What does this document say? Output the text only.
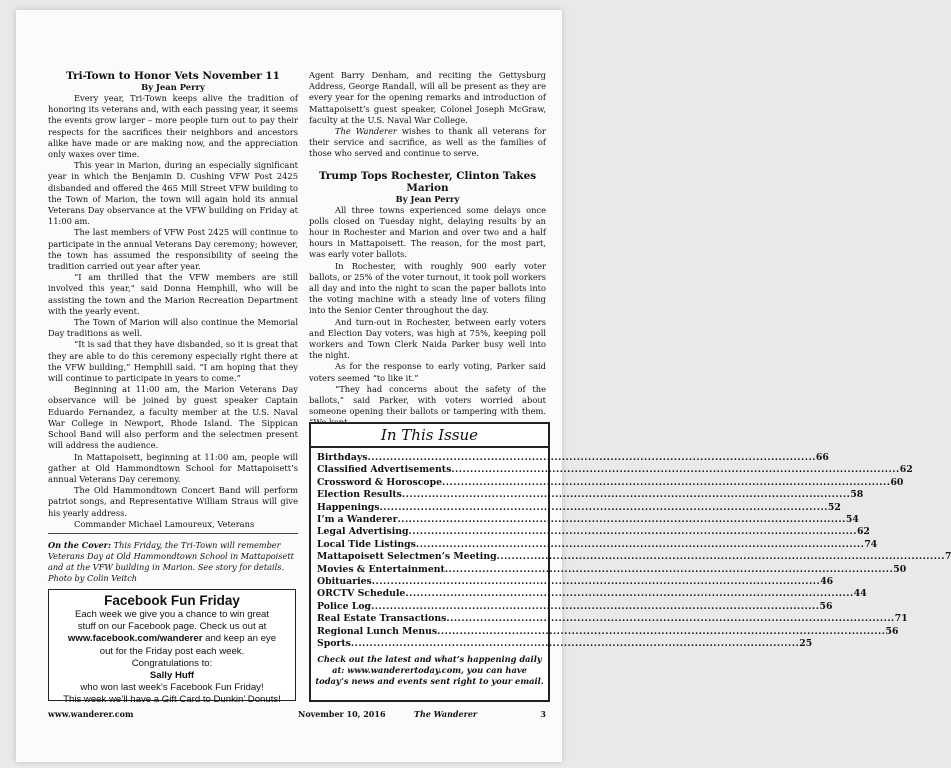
Tri-Town to Honor Vets November 11
By Jean Perry

Every year, Tri-Town keeps alive the tradition of honoring its veterans and, with each passing year, it seems the events grow larger – more people turn out to pay their respects for the sacrifices their neighbors and ancestors alike have made or are making now, and the appreciation only waxes over time.

This year in Marion, during an especially significant year in which the Benjamin D. Cushing VFW Post 2425 disbanded and offered the 465 Mill Street VFW building to the Town of Marion, the town will again hold its annual Veterans Day observance at the VFW building on Friday at 11:00 am.

The last members of VFW Post 2425 will continue to participate in the annual Veterans Day ceremony; however, the town has assumed the responsibility of seeing the tradition carried out year after year.

“I am thrilled that the VFW members are still involved this year,” said Donna Hemphill, who will be assisting the town and the Marion Recreation Department with the yearly event.

The Town of Marion will also continue the Memorial Day traditions as well.

“It is sad that they have disbanded, so it is great that they are able to do this ceremony especially right there at the VFW building,” Hemphill said. “I am hoping that they will continue to participate in years to come.”

Beginning at 11:00 am, the Marion Veterans Day observance will be joined by guest speaker Captain Eduardo Fernandez, a faculty member at the U.S. Naval War College in Newport, Rhode Island. The Sippican School Band will also perform and the selectmen present will address the audience.

In Mattapoisett, beginning at 11:00 am, people will gather at Old Hammondtown School for Mattapoisett’s annual Veterans Day ceremony.

The Old Hammondtown Concert Band will perform patriot songs, and Representative William Straus will give his yearly address.

Commander Michael Lamoureux, Veterans

On the Cover: This Friday, the Tri-Town will remember Veterans Day at Old Hammondtown School in Mattapoisett and at the VFW building in Marion. See story for details. Photo by Colin Veitch
Facebook Fun Friday
Each week we give you a chance to win great
stuff on our Facebook page. Check us out at
www.facebook.com/wanderer and keep an eye
out for the Friday post each week.
Congratulations to:
Sally Huff
who won last week’s Facebook Fun Friday!
This week we’ll have a Gift Card to Dunkin’ Donuts!

Agent Barry Denham, and reciting the Gettysburg Address, George Randall, will all be present as they are every year for the opening remarks and introduction of Mattapoisett’s guest speaker, Colonel Joseph McGraw, faculty at the U.S. Naval War College.

The Wanderer wishes to thank all veterans for their service and sacrifice, as well as the families of those who served and continue to serve.

Trump Tops Rochester, Clinton Takes Marion
By Jean Perry

All three towns experienced some delays once polls closed on Tuesday night, delaying results by an hour in Rochester and Marion and over two and a half hours in Mattapoisett. The reason, for the most part, was early voter ballots.

In Rochester, with roughly 900 early voter ballots, or 25% of the voter turnout, it took poll workers all day and into the night to scan the paper ballots into the voting machine with a steady line of voters filing into the Senior Center throughout the day.

And turn-out in Rochester, between early voters and Election Day voters, was high at 75%, keeping poll workers and Town Clerk Naida Parker busy well into the night.

As for the response to early voting, Parker said voters seemed “to like it.”

“They had concerns about the safety of the ballots,” said Parker, with voters worried about someone opening their ballots or tampering with them.

In This Issue
Birthdays ........................................................................................................................ 66
Classified Advertisements ........................................................................................................................ 62
Crossword & Horoscope ........................................................................................................................ 60
Election Results ........................................................................................................................ 58
Happenings ........................................................................................................................ 52
I’m a Wanderer ........................................................................................................................ 54
Legal Advertising ........................................................................................................................ 62
Local Tide Listings ........................................................................................................................ 74
Mattapoisett Selectmen’s Meeting ........................................................................................................................ 7
Movies & Entertainment ........................................................................................................................ 50
Obituaries ........................................................................................................................ 46
ORCTV Schedule ........................................................................................................................ 44
Police Log ........................................................................................................................ 56
Real Estate Transactions ........................................................................................................................ 71
Regional Lunch Menus ........................................................................................................................ 56
Sports ........................................................................................................................ 25
Check out the latest and what’s happening daily at: www.wanderertoday.com, you can have today’s news and events sent right to your email.
www.wanderer.com	November 10, 2016	The Wanderer	3
